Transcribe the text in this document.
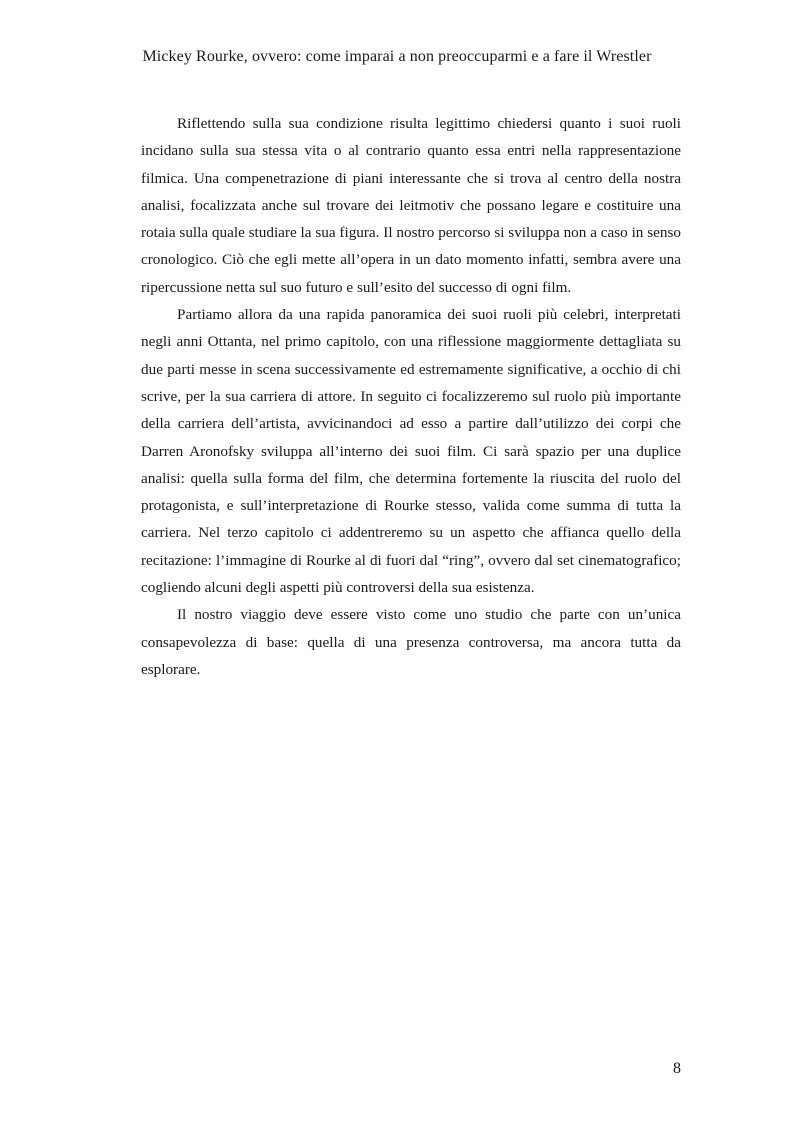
Mickey Rourke, ovvero: come imparai a non preoccuparmi e a fare il Wrestler

Riflettendo sulla sua condizione risulta legittimo chiedersi quanto i suoi ruoli incidano sulla sua stessa vita o al contrario quanto essa entri nella rappresentazione filmica. Una compenetrazione di piani interessante che si trova al centro della nostra analisi, focalizzata anche sul trovare dei leitmotiv che possano legare e costituire una rotaia sulla quale studiare la sua figura. Il nostro percorso si sviluppa non a caso in senso cronologico. Ciò che egli mette all’opera in un dato momento infatti, sembra avere una ripercussione netta sul suo futuro e sull’esito del successo di ogni film.

Partiamo allora da una rapida panoramica dei suoi ruoli più celebri, interpretati negli anni Ottanta, nel primo capitolo, con una riflessione maggiormente dettagliata su due parti messe in scena successivamente ed estremamente significative, a occhio di chi scrive, per la sua carriera di attore. In seguito ci focalizzeremo sul ruolo più importante della carriera dell’artista, avvicinandoci ad esso a partire dall’utilizzo dei corpi che Darren Aronofsky sviluppa all’interno dei suoi film. Ci sarà spazio per una duplice analisi: quella sulla forma del film, che determina fortemente la riuscita del ruolo del protagonista, e sull’interpretazione di Rourke stesso, valida come summa di tutta la carriera. Nel terzo capitolo ci addentreremo su un aspetto che affianca quello della recitazione: l’immagine di Rourke al di fuori dal “ring”, ovvero dal set cinematografico; cogliendo alcuni degli aspetti più controversi della sua esistenza.

Il nostro viaggio deve essere visto come uno studio che parte con un’unica consapevolezza di base: quella di una presenza controversa, ma ancora tutta da esplorare.

8
